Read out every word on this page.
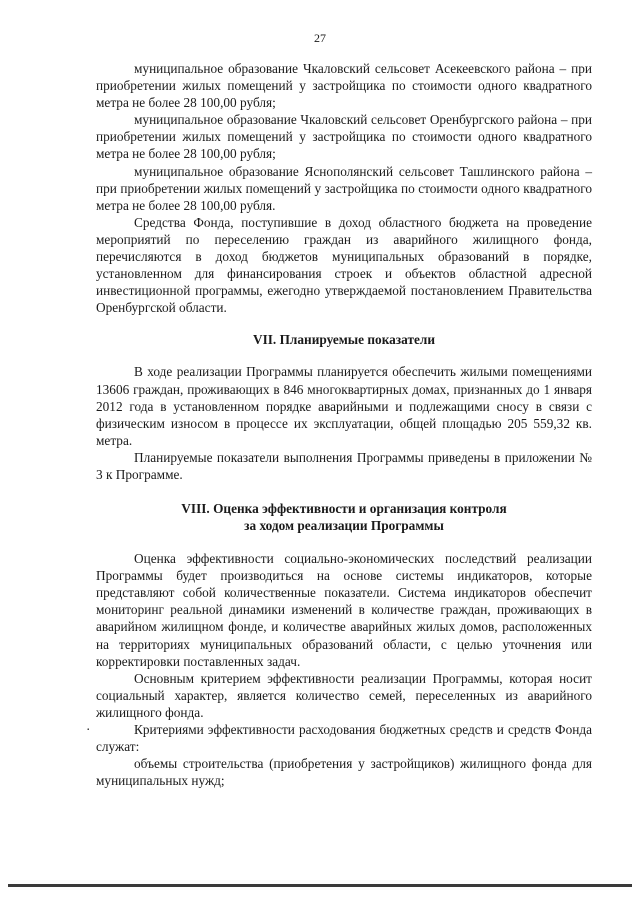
27

муниципальное образование Чкаловский сельсовет Асекеевского района – при приобретении жилых помещений у застройщика по стоимости одного квадратного метра не более 28 100,00 рубля;

муниципальное образование Чкаловский сельсовет Оренбургского района – при приобретении жилых помещений у застройщика по стоимости одного квадратного метра не более 28 100,00 рубля;

муниципальное образование Яснополянский сельсовет Ташлинского района – при приобретении жилых помещений у застройщика по стоимости одного квадратного метра не более 28 100,00 рубля.

Средства Фонда, поступившие в доход областного бюджета на проведение мероприятий по переселению граждан из аварийного жилищного фонда, перечисляются в доход бюджетов муниципальных образований в порядке, установленном для финансирования строек и объектов областной адресной инвестиционной программы, ежегодно утверждаемой постановлением Правительства Оренбургской области.

VII. Планируемые показатели

В ходе реализации Программы планируется обеспечить жилыми помещениями 13606 граждан, проживающих в 846 многоквартирных домах, признанных до 1 января 2012 года в установленном порядке аварийными и подлежащими сносу в связи с физическим износом в процессе их эксплуатации, общей площадью 205 559,32 кв. метра.

Планируемые показатели выполнения Программы приведены в приложении № 3 к Программе.

VIII. Оценка эффективности и организация контроля
за ходом реализации Программы

Оценка эффективности социально-экономических последствий реализации Программы будет производиться на основе системы индикаторов, которые представляют собой количественные показатели. Система индикаторов обеспечит мониторинг реальной динамики изменений в количестве граждан, проживающих в аварийном жилищном фонде, и количестве аварийных жилых домов, расположенных на территориях муниципальных образований области, с целью уточнения или корректировки поставленных задач.

Основным критерием эффективности реализации Программы, которая носит социальный характер, является количество семей, переселенных из аварийного жилищного фонда.

· Критериями эффективности расходования бюджетных средств и средств Фонда служат:

объемы строительства (приобретения у застройщиков) жилищного фонда для муниципальных нужд;
